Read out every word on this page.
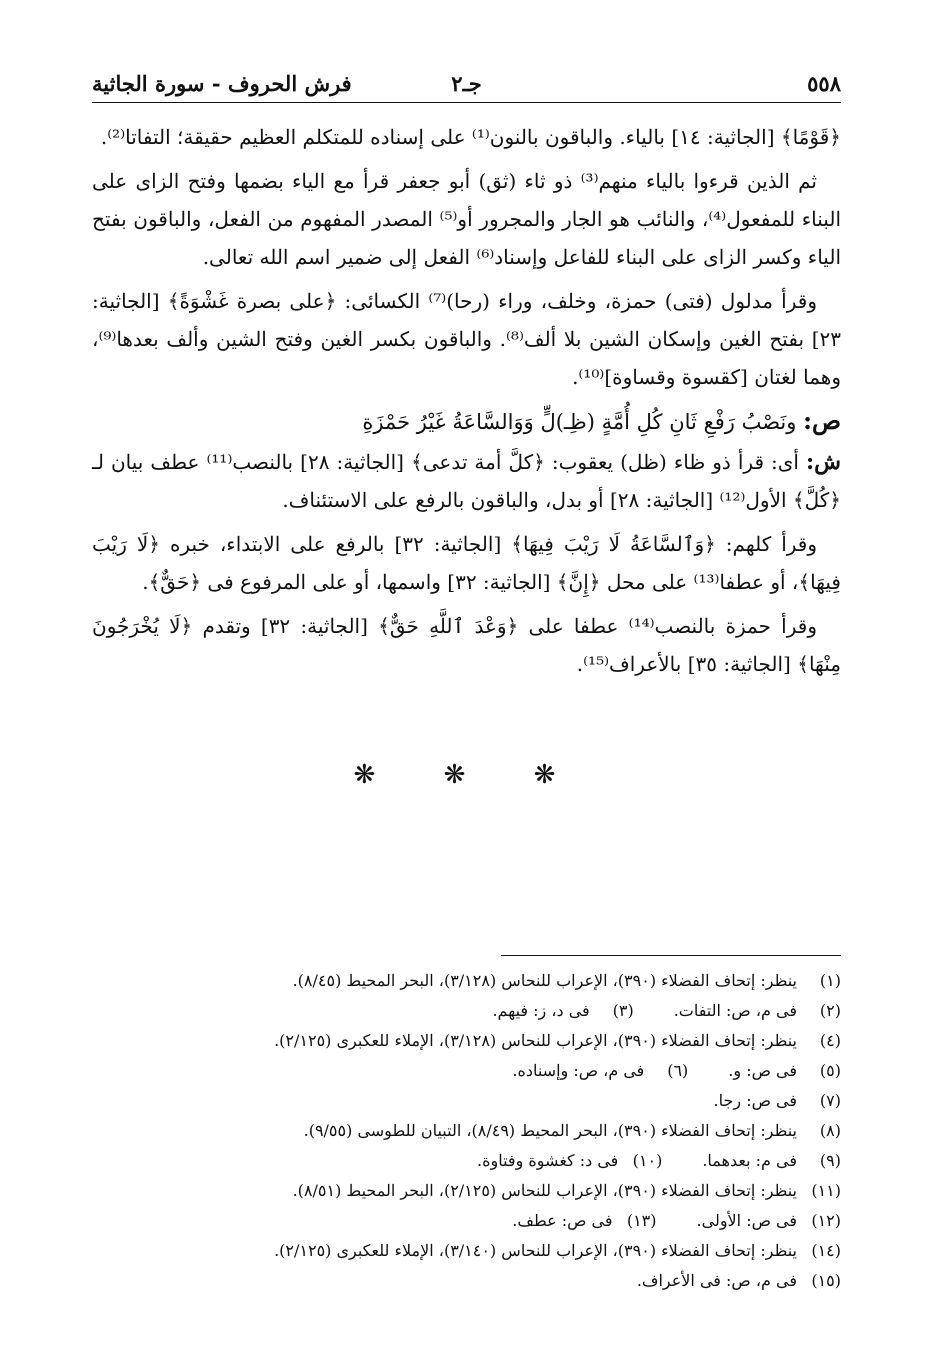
٥٥٨
جـ٢
فرش الحروف - سورة الجاثية

﴿قَوْمًا﴾ [الجاثية: ١٤] بالياء. والباقون بالنون⁽¹⁾ على إسناده للمتكلم العظيم حقيقة؛ التفاتا⁽²⁾.

ثم الذين قرءوا بالياء منهم⁽³⁾ ذو ثاء (ثق) أبو جعفر قرأ مع الياء بضمها وفتح الزاى على البناء للمفعول⁽⁴⁾، والنائب هو الجار والمجرور أو⁽⁵⁾ المصدر المفهوم من الفعل، والباقون بفتح الياء وكسر الزاى على البناء للفاعل وإسناد⁽⁶⁾ الفعل إلى ضمير اسم الله تعالى.

وقرأ مدلول (فتى) حمزة، وخلف، وراء (رحا)⁽⁷⁾ الكسائى: ﴿على بصرة غَشْوَةً﴾ [الجاثية: ٢٣] بفتح الغين وإسكان الشين بلا ألف⁽⁸⁾. والباقون بكسر الغين وفتح الشين وألف بعدها⁽⁹⁾، وهما لغتان [كقسوة وقساوة]⁽¹⁰⁾.

ص: ونَصْبُ رَفْعِ ثَانِ كُلِ أُمَّةٍ (ظِـ)لٍّ وَوَالسَّاعَةُ غَيْرُ حَمْزَةِ

ش: أى: قرأ ذو ظاء (ظل) يعقوب: ﴿كلَّ أمة تدعى﴾ [الجاثية: ٢٨] بالنصب⁽¹¹⁾ عطف بيان لـ ﴿كُلَّ﴾ الأول⁽¹²⁾ [الجاثية: ٢٨] أو بدل، والباقون بالرفع على الاستئناف.

وقرأ كلهم: ﴿وَٱلسَّاعَةُ لَا رَيْبَ فِيهَا﴾ [الجاثية: ٣٢] بالرفع على الابتداء، خبره ﴿لَا رَيْبَ فِيهَا﴾، أو عطفا⁽¹³⁾ على محل ﴿إِنَّ﴾ [الجاثية: ٣٢] واسمها، أو على المرفوع فى ﴿حَقٌّ﴾.

وقرأ حمزة بالنصب⁽¹⁴⁾ عطفا على ﴿وَعْدَ ٱللَّهِ حَقٌّ﴾ [الجاثية: ٣٢] وتقدم ﴿لَا يُخْرَجُونَ مِنْهَا﴾ [الجاثية: ٣٥] بالأعراف⁽¹⁵⁾.

❋ ❋ ❋
(١)
ينظر: إتحاف الفضلاء (٣٩٠)، الإعراب للنحاس (٣/١٢٨)، البحر المحيط (٨/٤٥).
(٢)
فى م، ص: التفات.
(٣)
فى د، ز: فيهم.
(٤)
ينظر: إتحاف الفضلاء (٣٩٠)، الإعراب للنحاس (٣/١٢٨)، الإملاء للعكبرى (٢/١٢٥).
(٥)
فى ص: و.
(٦)
فى م، ص: وإسناده.
(٧)
فى ص: رجا.
(٨)
ينظر: إتحاف الفضلاء (٣٩٠)، البحر المحيط (٨/٤٩)، التبيان للطوسى (٩/٥٥).
(٩)
فى م: بعدهما.
(١٠)
فى د: كغشوة وفتاوة.
(١١)
ينظر: إتحاف الفضلاء (٣٩٠)، الإعراب للنحاس (٢/١٢٥)، البحر المحيط (٨/٥١).
(١٢)
فى ص: الأولى.
(١٣)
فى ص: عطف.
(١٤)
ينظر: إتحاف الفضلاء (٣٩٠)، الإعراب للنحاس (٣/١٤٠)، الإملاء للعكبرى (٢/١٢٥).
(١٥)
فى م، ص: فى الأعراف.
